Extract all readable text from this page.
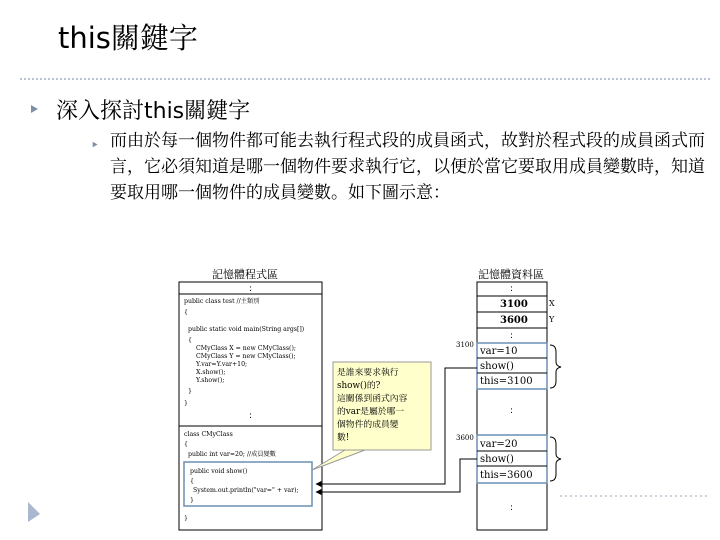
this關鍵字
深入探討this關鍵字
而由於每一個物件都可能去執行程式段的成員函式，故對於程式段的成員函式而言，它必須知道是哪一個物件要求執行它，以便於當它要取用成員變數時，知道要取用哪一個物件的成員變數。如下圖示意：
記憶體程式區	記憶體資料區
:
public class test //主類別
{
public static void main(String args[])
{
CMyClass X = new CMyClass();
CMyClass Y = new CMyClass();
Y.var=Y.var+10;
X.show();
Y.show();
}
}
:
class CMyClass
{
public int var=20; //成員變數
public void show()
{
System.out.println("var=" + var);
}
}
是誰來要求執行
show()的?
這關係到函式內容
的var是屬於哪一
個物件的成員變
數!
:
3100
3600
X
Y
:
3100
var=10
show()
this=3100
:
3600
var=20
show()
this=3600
:
